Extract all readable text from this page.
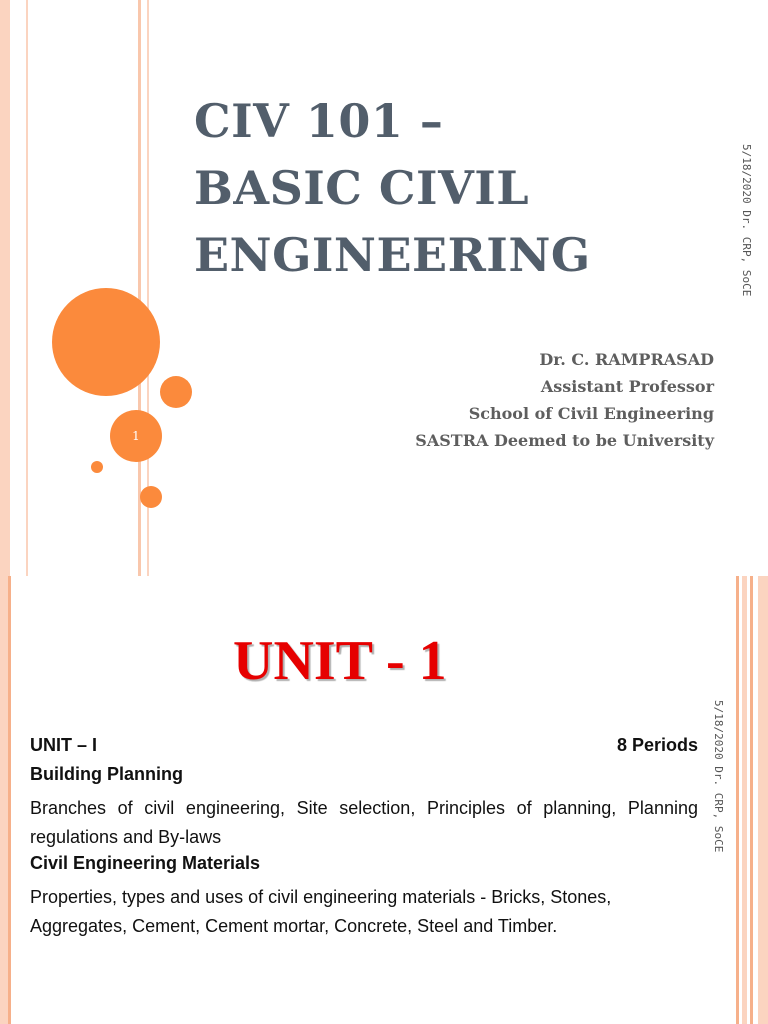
1
CIV 101 –
BASIC CIVIL
ENGINEERING
Dr. C. RAMPRASAD
Assistant Professor
School of Civil Engineering
SASTRA Deemed to be University
5/18/2020 Dr. CRP, SoCE
UNIT - 1
5/18/2020 Dr. CRP, SoCE
UNIT – I	8 Periods
Building Planning
Branches of civil engineering, Site selection, Principles of planning, Planning regulations and By-laws
Civil Engineering Materials
Properties, types and uses of civil engineering materials - Bricks, Stones, Aggregates, Cement, Cement mortar, Concrete, Steel and Timber.
